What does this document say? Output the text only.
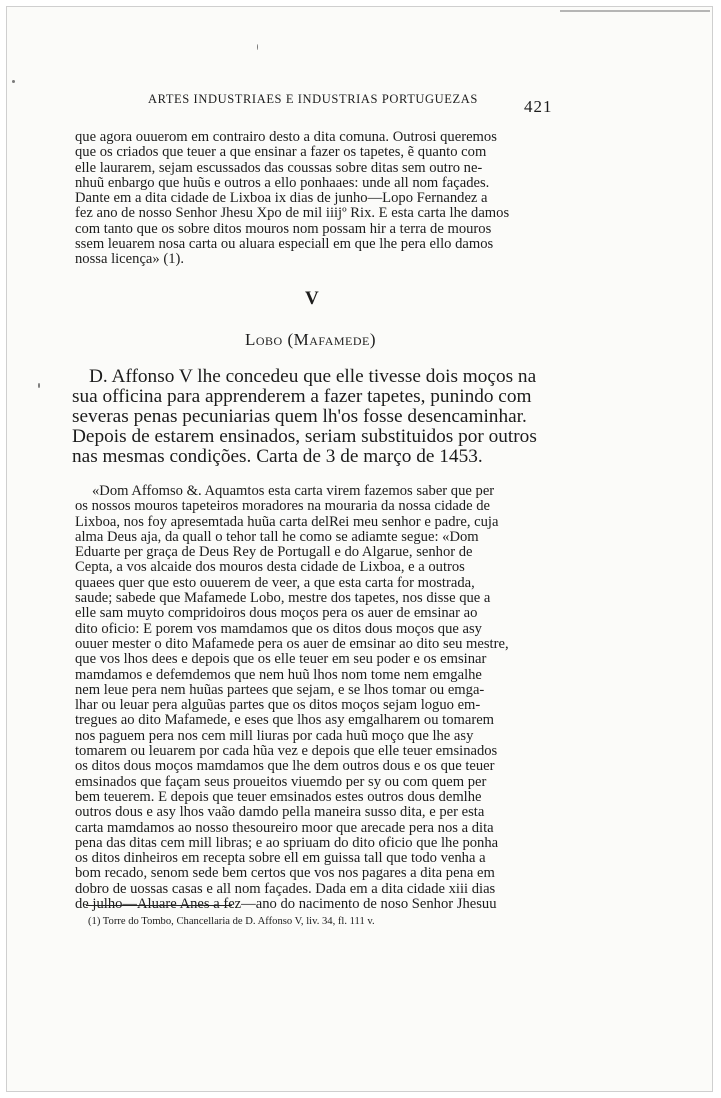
ARTES INDUSTRIAES E INDUSTRIAS PORTUGUEZAS	421
que agora ouuerom em contrairo desto a dita comuna. Outrosi queremos
que os criados que teuer a que ensinar a fazer os tapetes, ẽ quanto com
elle laurarem, sejam escussados das coussas sobre ditas sem outro ne-
nhuũ enbargo que huũs e outros a ello ponhaaes: unde all nom façades.
Dante em a dita cidade de Lixboa ix dias de junho—Lopo Fernandez a
fez ano de nosso Senhor Jhesu Xpo de mil iiijº Rix. E esta carta lhe damos
com tanto que os sobre ditos mouros nom possam hir a terra de mouros
ssem leuarem nosa carta ou aluara especiall em que lhe pera ello damos
nossa licença» (1).
V
Lobo (Mafamede)
D. Affonso V lhe concedeu que elle tivesse dois moços na
sua officina para apprenderem a fazer tapetes, punindo com
severas penas pecuniarias quem lh'os fosse desencaminhar.
Depois de estarem ensinados, seriam substituidos por outros
nas mesmas condições. Carta de 3 de março de 1453.
«Dom Affomso &. Aquamtos esta carta virem fazemos saber que per
os nossos mouros tapeteiros moradores na mouraria da nossa cidade de
Lixboa, nos foy apresemtada huũa carta delRei meu senhor e padre, cuja
alma Deus aja, da quall o tehor tall he como se adiamte segue: «Dom
Eduarte per graça de Deus Rey de Portugall e do Algarue, senhor de
Cepta, a vos alcaide dos mouros desta cidade de Lixboa, e a outros
quaees quer que esto ouuerem de veer, a que esta carta for mostrada,
saude; sabede que Mafamede Lobo, mestre dos tapetes, nos disse que a
elle sam muyto compridoiros dous moços pera os auer de emsinar ao
dito oficio: E porem vos mamdamos que os ditos dous moços que asy
ouuer mester o dito Mafamede pera os auer de emsinar ao dito seu mestre,
que vos lhos dees e depois que os elle teuer em seu poder e os emsinar
mamdamos e defemdemos que nem huũ lhos nom tome nem emgalhe
nem leue pera nem huũas partees que sejam, e se lhos tomar ou emga-
lhar ou leuar pera alguũas partes que os ditos moços sejam loguo em-
tregues ao dito Mafamede, e eses que lhos asy emgalharem ou tomarem
nos paguem pera nos cem mill liuras por cada huũ moço que lhe asy
tomarem ou leuarem por cada hũa vez e depois que elle teuer emsinados
os ditos dous moços mamdamos que lhe dem outros dous e os que teuer
emsinados que façam seus proueitos viuemdo per sy ou com quem per
bem teuerem. E depois que teuer emsinados estes outros dous demlhe
outros dous e asy lhos vaão damdo pella maneira susso dita, e per esta
carta mamdamos ao nosso thesoureiro moor que arecade pera nos a dita
pena das ditas cem mill libras; e ao spriuam do dito oficio que lhe ponha
os ditos dinheiros em recepta sobre ell em guissa tall que todo venha a
bom recado, senom sede bem certos que vos nos pagares a dita pena em
dobro de uossas casas e all nom façades. Dada em a dita cidade xiii dias
de julho—Aluare Anes a fez—ano do nacimento de noso Senhor Jhesuu
(1) Torre do Tombo, Chancellaria de D. Affonso V, liv. 34, fl. 111 v.
